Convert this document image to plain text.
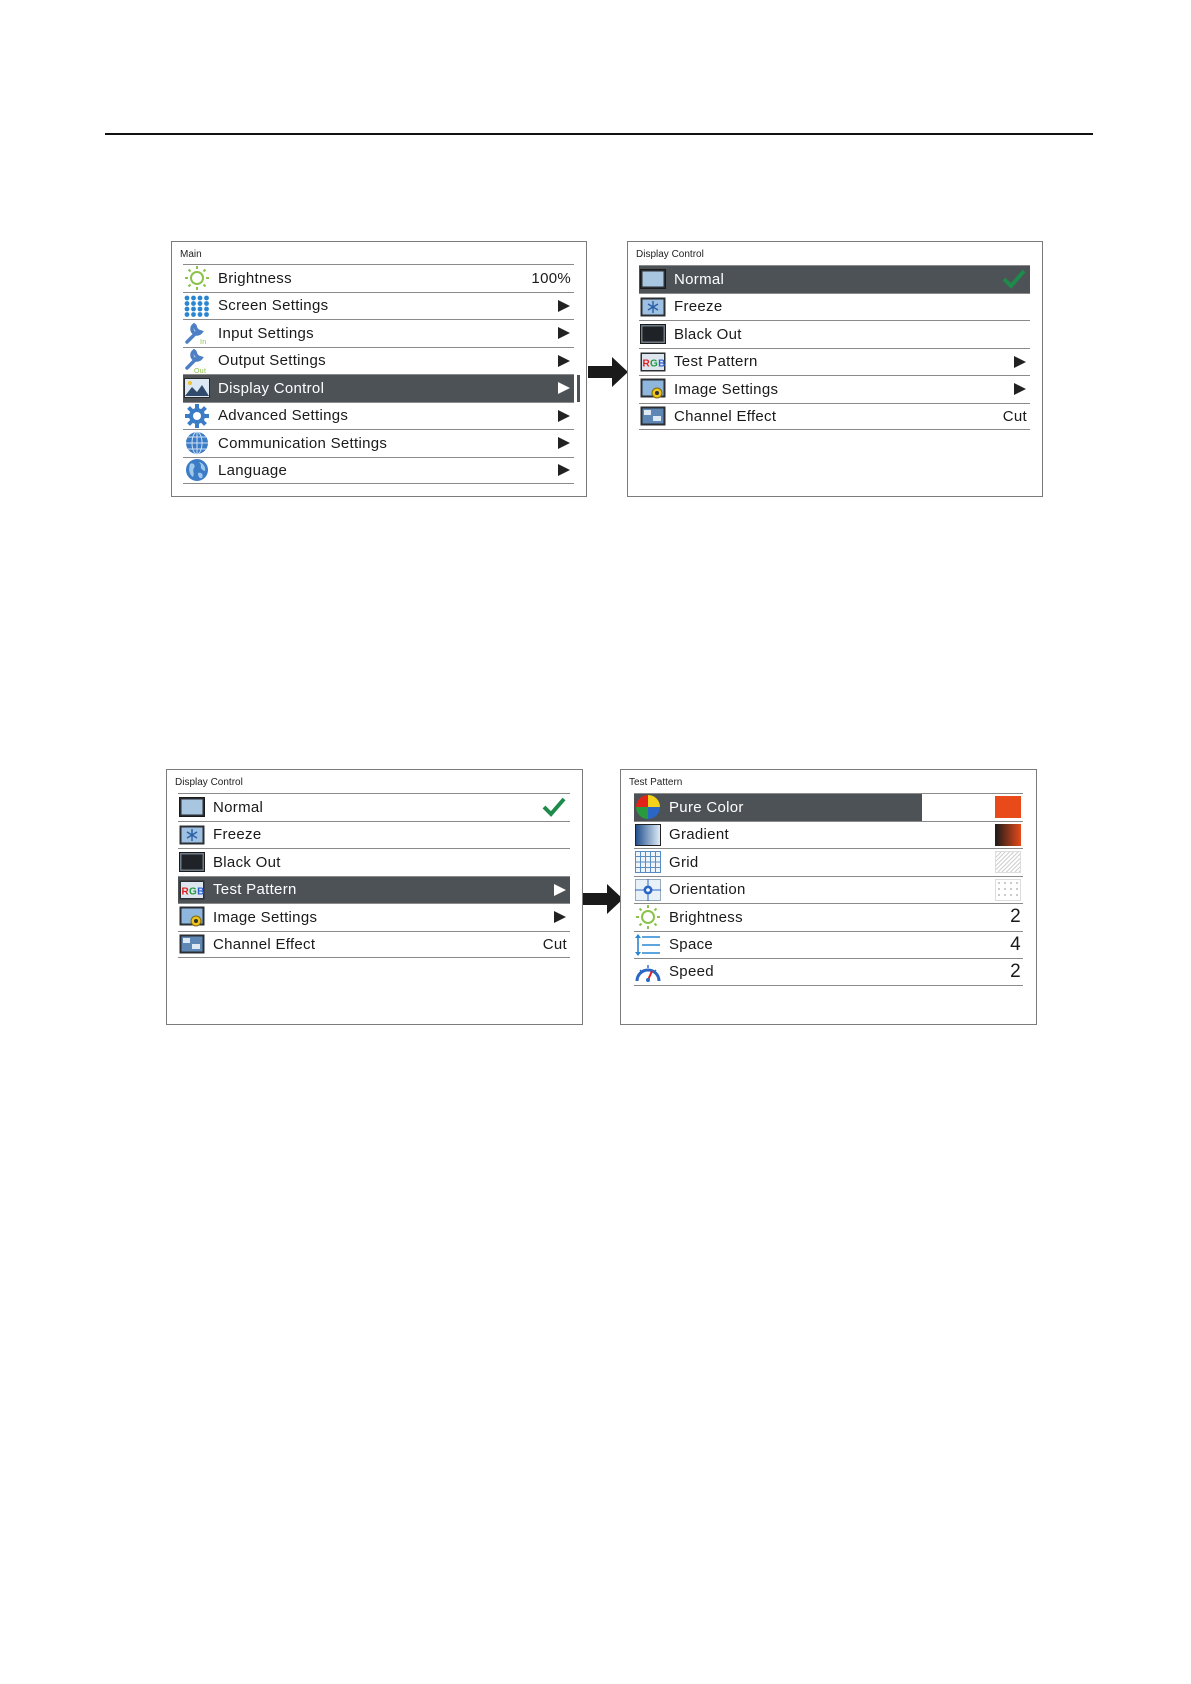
Main
Brightness	100%
Screen Settings
In
Input Settings
Out
Output Settings
Display Control
Advanced Settings
Communication Settings
Language
Display Control
Normal
Freeze
Black Out
RGB Test Pattern
Image Settings
Channel Effect	Cut
Display Control
Normal
Freeze
Black Out
RGB Test Pattern
Image Settings
Channel Effect	Cut
Test Pattern
Pure Color
Gradient
Grid
Orientation
Brightness	2
Space	4
Speed	2
